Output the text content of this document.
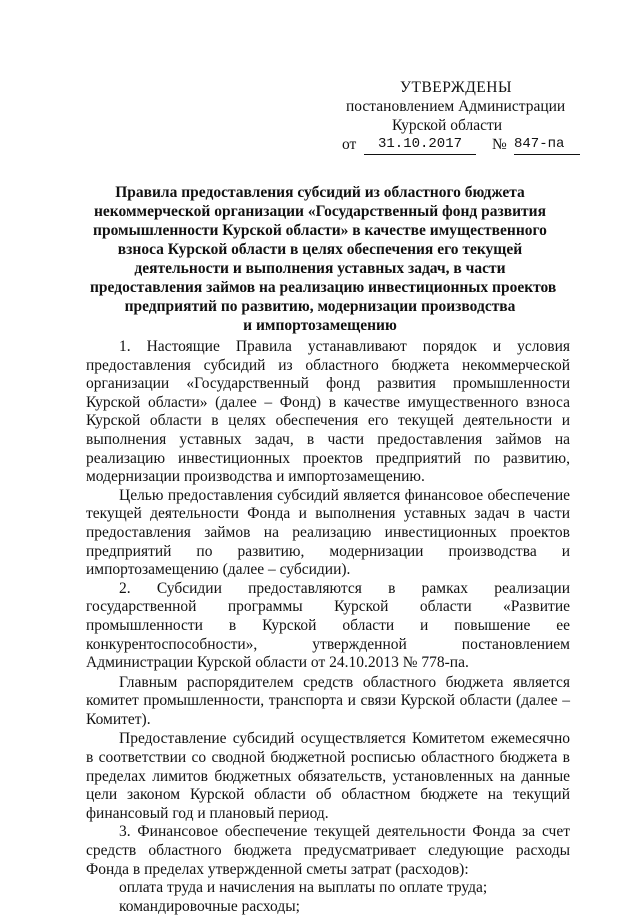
УТВЕРЖДЕНЫ
постановлением Администрации
Курской области
от	31.10.2017	№ 847-па
Правила предоставления субсидий из областного бюджета
некоммерческой организации «Государственный фонд развития
промышленности Курской области» в качестве имущественного
взноса Курской области в целях обеспечения его текущей
деятельности и выполнения уставных задач, в части
предоставления займов на реализацию инвестиционных проектов
предприятий по развитию, модернизации производства
и импортозамещению

1. Настоящие Правила устанавливают порядок и условия предоставления субсидий из областного бюджета некоммерческой организации «Государственный фонд развития промышленности Курской области» (далее – Фонд) в качестве имущественного взноса Курской области в целях обеспечения его текущей деятельности и выполнения уставных задач, в части предоставления займов на реализацию инвестиционных проектов предприятий по развитию, модернизации производства и импортозамещению.

Целью предоставления субсидий является финансовое обеспечение текущей деятельности Фонда и выполнения уставных задач в части предоставления займов на реализацию инвестиционных проектов предприятий по развитию, модернизации производства и импортозамещению (далее – субсидии).

2. Субсидии предоставляются в рамках реализации государственной программы Курской области «Развитие промышленности в Курской области и повышение ее конкурентоспособности», утвержденной постановлением Администрации Курской области от 24.10.2013 № 778-па.

Главным распорядителем средств областного бюджета является комитет промышленности, транспорта и связи Курской области (далее – Комитет).

Предоставление субсидий осуществляется Комитетом ежемесячно в соответствии со сводной бюджетной росписью областного бюджета в пределах лимитов бюджетных обязательств, установленных на данные цели законом Курской области об областном бюджете на текущий финансовый год и плановый период.

3. Финансовое обеспечение текущей деятельности Фонда за счет средств областного бюджета предусматривает следующие расходы Фонда в пределах утвержденной сметы затрат (расходов):

оплата труда и начисления на выплаты по оплате труда;

командировочные расходы;
